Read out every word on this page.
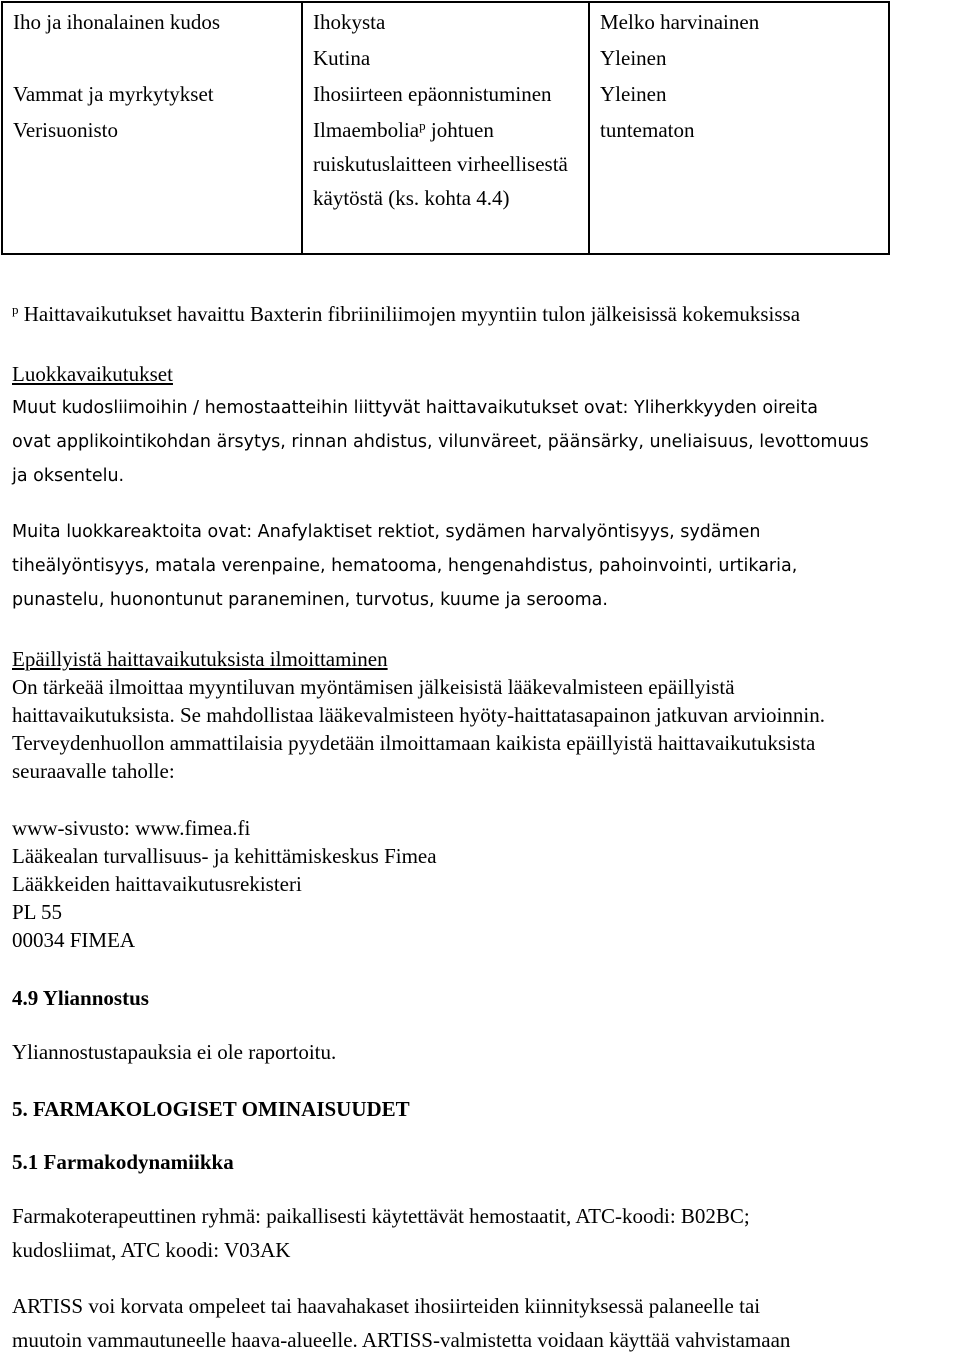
Iho ja ihonalainen kudos	Ihokysta	Melko harvinainen
	Kutina	Yleinen
Vammat ja myrkytykset	Ihosiirteen epäonnistuminen	Yleinen
Verisuonisto	Ilmaembolia$^p$ johtuen ruiskutuslaitteen virheellisestä käytöstä (ks. kohta 4.4)	tuntematon

$^p$ Haittavaikutukset havaittu Baxterin fibriiniliimojen myyntiin tulon jälkeisissä kokemuksissa

Luokkavaikutukset
Muut kudosliimoihin / hemostaatteihin liittyvät haittavaikutukset ovat: Yliherkkyyden oireita
ovat applikointikohdan ärsytys, rinnan ahdistus, vilunväreet, päänsärky, uneliaisuus, levottomuus
ja oksentelu.
Muita luokkareaktoita ovat: Anafylaktiset rektiot, sydämen harvalyöntisyys, sydämen
tiheälyöntisyys, matala verenpaine, hematooma, hengenahdistus, pahoinvointi, urtikaria,
punastelu, huonontunut paraneminen, turvotus, kuume ja serooma.
Epäillyistä haittavaikutuksista ilmoittaminen
On tärkeää ilmoittaa myyntiluvan myöntämisen jälkeisistä lääkevalmisteen epäillyistä
haittavaikutuksista. Se mahdollistaa lääkevalmisteen hyöty-haittatasapainon jatkuvan arvioinnin.
Terveydenhuollon ammattilaisia pyydetään ilmoittamaan kaikista epäillyistä haittavaikutuksista
seuraavalle taholle:
www-sivusto: www.fimea.fi
Lääkealan turvallisuus- ja kehittämiskeskus Fimea
Lääkkeiden haittavaikutusrekisteri
PL 55
00034 FIMEA
4.9 Yliannostus
Yliannostustapauksia ei ole raportoitu.
5. FARMAKOLOGISET OMINAISUUDET
5.1 Farmakodynamiikka
Farmakoterapeuttinen ryhmä: paikallisesti käytettävät hemostaatit, ATC-koodi: B02BC;
kudosliimat, ATC koodi: V03AK
ARTISS voi korvata ompeleet tai haavahakaset ihosiirteiden kiinnityksessä palaneelle tai
muutoin vammautuneelle haava-alueelle. ARTISS-valmistetta voidaan käyttää vahvistamaan
